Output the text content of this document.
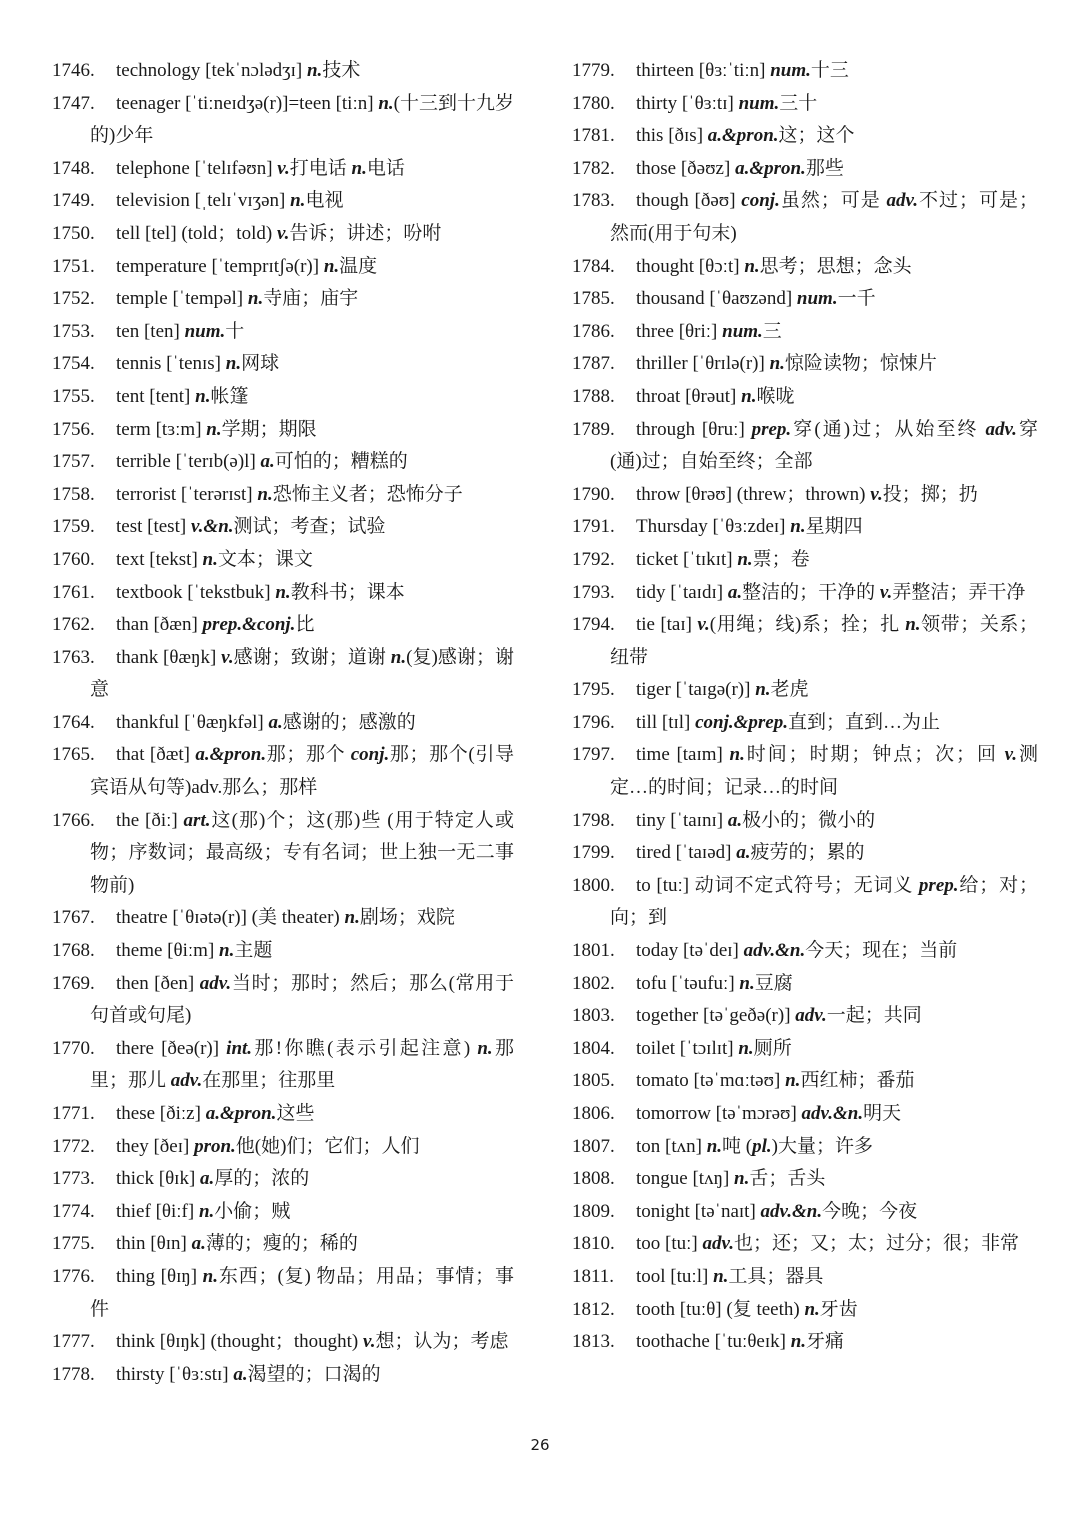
1746. technology [tekˈnɔlədʒɪ] n.技术

1747. teenager [ˈtiːneɪdʒə(r)]=teen [tiːn] n.(十三到十九岁的)少年

1748. telephone [ˈtelɪfəʊn] v.打电话 n.电话

1749. television [ˌtelɪˈvɪʒən] n.电视

1750. tell [tel] (told；told) v.告诉；讲述；吩咐

1751. temperature [ˈtemprɪtʃə(r)] n.温度

1752. temple [ˈtempəl] n.寺庙；庙宇

1753. ten [ten] num.十

1754. tennis [ˈtenɪs] n.网球

1755. tent [tent] n.帐篷

1756. term [tɜːm] n.学期；期限

1757. terrible [ˈterɪb(ə)l] a.可怕的；糟糕的

1758. terrorist [ˈterərɪst] n.恐怖主义者；恐怖分子

1759. test [test] v.&n.测试；考查；试验

1760. text [tekst] n.文本；课文

1761. textbook [ˈtekstbuk] n.教科书；课本

1762. than [ðæn] prep.&conj.比

1763. thank [θæŋk] v.感谢；致谢；道谢 n.(复)感谢；谢意

1764. thankful [ˈθæŋkfəl] a.感谢的；感激的

1765. that [ðæt] a.&pron.那；那个 conj.那；那个(引导宾语从句等)adv.那么；那样

1766. the [ðiː] art.这(那)个；这(那)些 (用于特定人或物；序数词；最高级；专有名词；世上独一无二事物前)

1767. theatre [ˈθɪətə(r)] (美 theater) n.剧场；戏院

1768. theme [θiːm] n.主题

1769. then [ðen] adv.当时；那时；然后；那么(常用于句首或句尾)

1770. there [ðeə(r)] int.那!你瞧(表示引起注意) n.那里；那儿 adv.在那里；往那里

1771. these [ðiːz] a.&pron.这些

1772. they [ðeɪ] pron.他(她)们；它们；人们

1773. thick [θɪk] a.厚的；浓的

1774. thief [θiːf] n.小偷；贼

1775. thin [θɪn] a.薄的；瘦的；稀的

1776. thing [θɪŋ] n.东西；(复) 物品；用品；事情；事件

1777. think [θɪŋk] (thought；thought) v.想；认为；考虑

1778. thirsty [ˈθɜːstɪ] a.渴望的；口渴的

1779. thirteen [θɜːˈtiːn] num.十三

1780. thirty [ˈθɜːtɪ] num.三十

1781. this [ðɪs] a.&pron.这；这个

1782. those [ðəʊz] a.&pron.那些

1783. though [ðəʊ] conj.虽然；可是 adv.不过；可是；然而(用于句末)

1784. thought [θɔːt] n.思考；思想；念头

1785. thousand [ˈθaʊzənd] num.一千

1786. three [θriː] num.三

1787. thriller [ˈθrɪlə(r)] n.惊险读物；惊悚片

1788. throat [θrəut] n.喉咙

1789. through [θruː] prep.穿(通)过；从始至终 adv.穿(通)过；自始至终；全部

1790. throw [θrəʊ] (threw；thrown) v.投；掷；扔

1791. Thursday [ˈθɜːzdeɪ] n.星期四

1792. ticket [ˈtɪkɪt] n.票；卷

1793. tidy [ˈtaɪdɪ] a.整洁的；干净的 v.弄整洁；弄干净

1794. tie [taɪ] v.(用绳；线)系；拴；扎 n.领带；关系；纽带

1795. tiger [ˈtaɪgə(r)] n.老虎

1796. till [tɪl] conj.&prep.直到；直到…为止

1797. time [taɪm] n.时间；时期；钟点；次；回 v.测定…的时间；记录…的时间

1798. tiny [ˈtaɪnɪ] a.极小的；微小的

1799. tired [ˈtaɪəd] a.疲劳的；累的

1800. to [tuː] 动词不定式符号；无词义 prep.给；对；向；到

1801. today [təˈdeɪ] adv.&n.今天；现在；当前

1802. tofu [ˈtəufuː] n.豆腐

1803. together [təˈgeðə(r)] adv.一起；共同

1804. toilet [ˈtɔɪlɪt] n.厕所

1805. tomato [təˈmɑːtəʊ] n.西红柿；番茄

1806. tomorrow [təˈmɔrəʊ] adv.&n.明天

1807. ton [tʌn] n.吨 (pl.)大量；许多

1808. tongue [tʌŋ] n.舌；舌头

1809. tonight [təˈnaɪt] adv.&n.今晚；今夜

1810. too [tuː] adv.也；还；又；太；过分；很；非常

1811. tool [tuːl] n.工具；器具

1812. tooth [tuːθ] (复 teeth) n.牙齿

1813. toothache [ˈtuːθeɪk] n.牙痛

26
